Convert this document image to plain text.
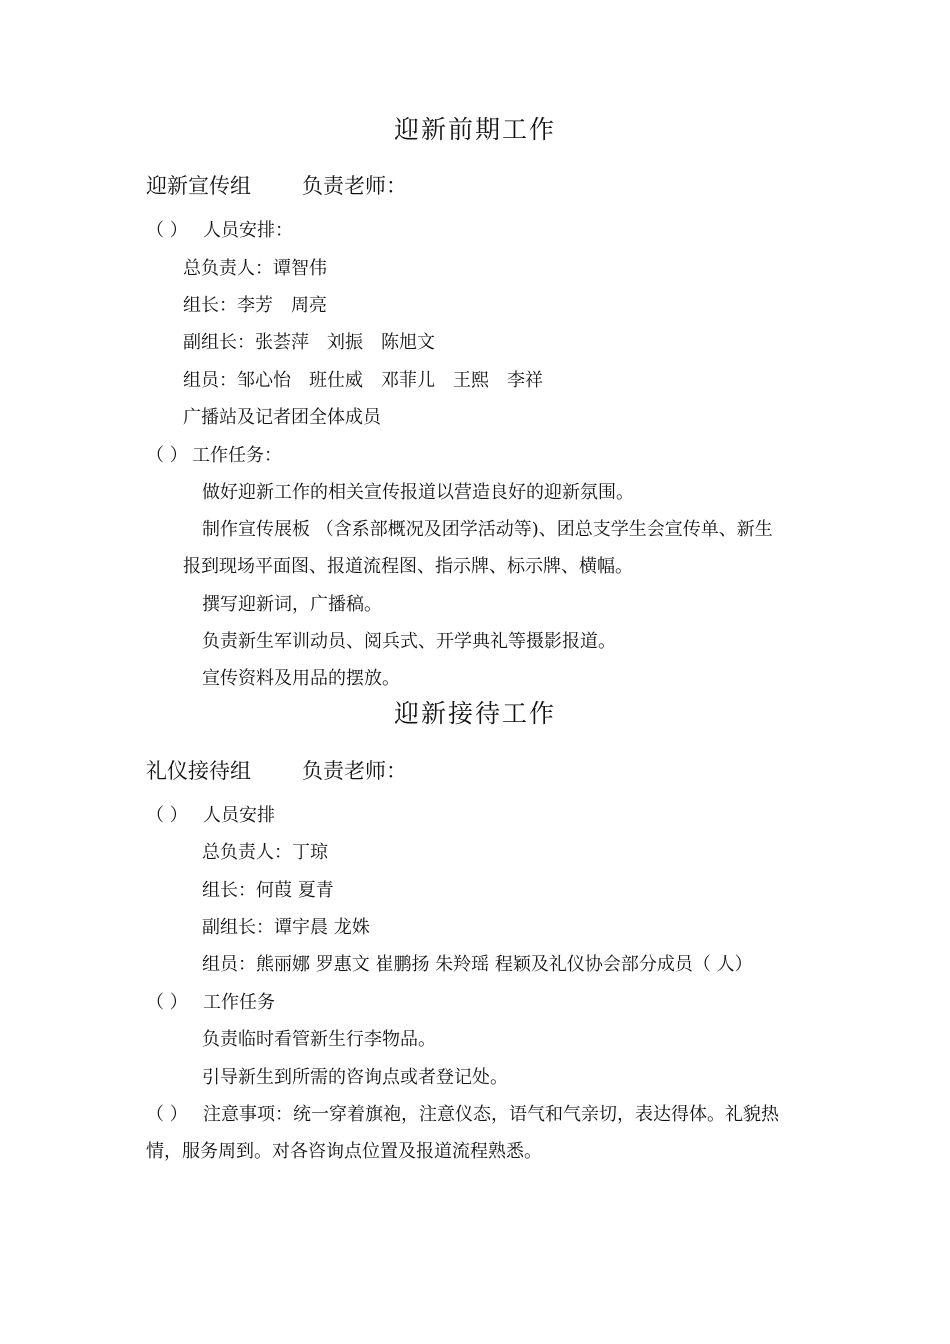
迎新前期工作
迎新宣传组 负责老师：
（ ） 人员安排：
总负责人：谭智伟
组长：李芳　周亮
副组长：张荟萍　刘振　陈旭文
组员：邹心怡　班仕威　邓菲儿　王熙　李祥
广播站及记者团全体成员
（ ） 工作任务：
做好迎新工作的相关宣传报道以营造良好的迎新氛围。
制作宣传展板 （含系部概况及团学活动等)、团总支学生会宣传单、新生
报到现场平面图、报道流程图、指示牌、标示牌、横幅。
撰写迎新词，广播稿。
负责新生军训动员、阅兵式、开学典礼等摄影报道。
宣传资料及用品的摆放。
迎新接待工作
礼仪接待组 负责老师：
（ ） 人员安排
总负责人：丁琼
组长：何葭 夏青
副组长：谭宇晨 龙姝
组员：熊丽娜 罗惠文 崔鹏扬 朱羚瑶 程颖及礼仪协会部分成员（ 人）
（ ） 工作任务
负责临时看管新生行李物品。
引导新生到所需的咨询点或者登记处。
（ ） 注意事项：统一穿着旗袍，注意仪态，语气和气亲切，表达得体。礼貌热
情，服务周到。对各咨询点位置及报道流程熟悉。
